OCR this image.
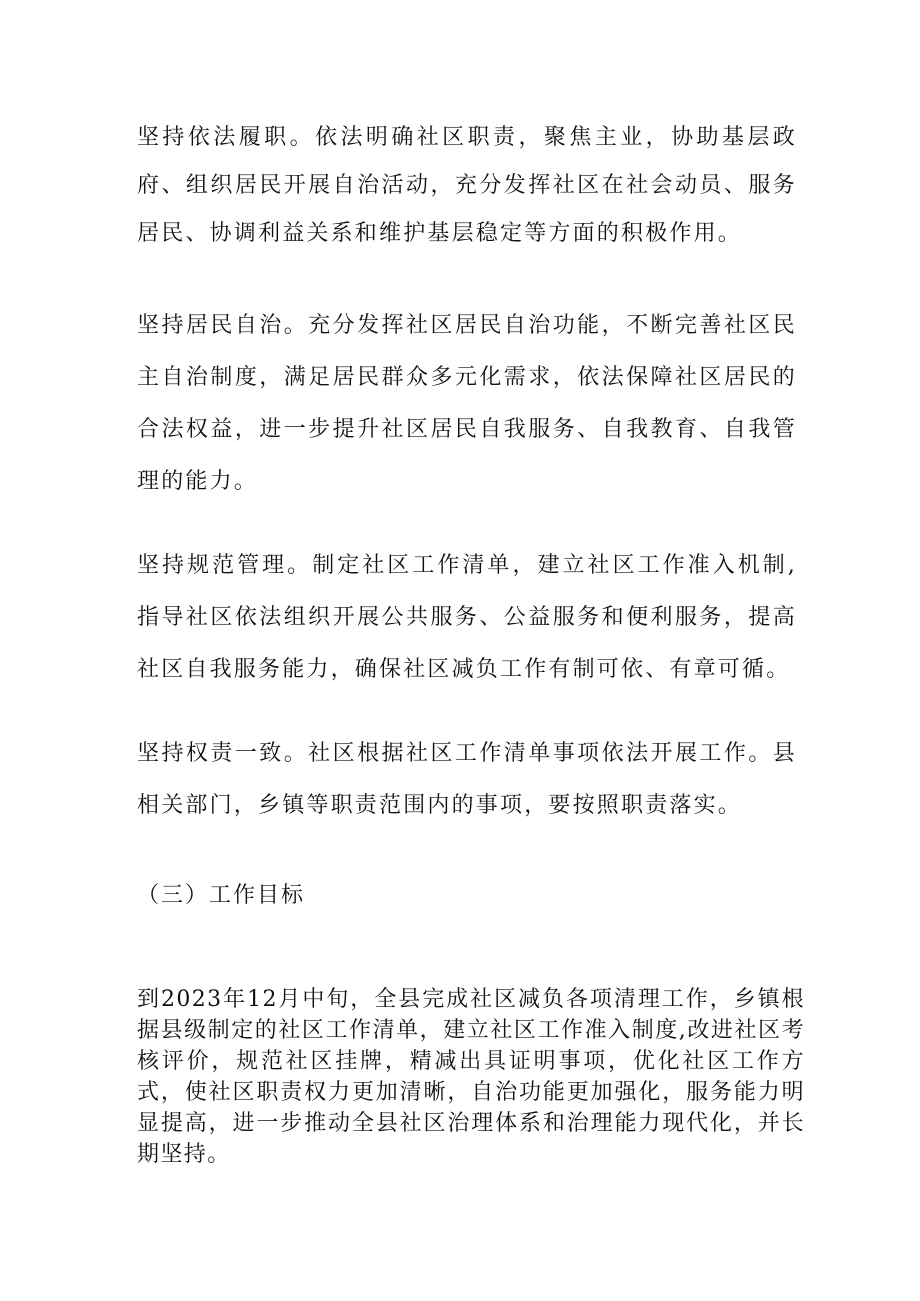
坚持依法履职。依法明确社区职责，聚焦主业，协助基层政府、组织居民开展自治活动，充分发挥社区在社会动员、服务居民、协调利益关系和维护基层稳定等方面的积极作用。

坚持居民自治。充分发挥社区居民自治功能，不断完善社区民主自治制度，满足居民群众多元化需求，依法保障社区居民的合法权益，进一步提升社区居民自我服务、自我教育、自我管理的能力。

坚持规范管理。制定社区工作清单，建立社区工作准入机制,指导社区依法组织开展公共服务、公益服务和便利服务，提高社区自我服务能力，确保社区减负工作有制可依、有章可循。

坚持权责一致。社区根据社区工作清单事项依法开展工作。县相关部门，乡镇等职责范围内的事项，要按照职责落实。

（三）工作目标

到2023年12月中旬，全县完成社区减负各项清理工作，乡镇根据县级制定的社区工作清单，建立社区工作准入制度,改进社区考核评价，规范社区挂牌，精减出具证明事项，优化社区工作方式，使社区职责权力更加清晰，自治功能更加强化，服务能力明显提高，进一步推动全县社区治理体系和治理能力现代化，并长期坚持。
